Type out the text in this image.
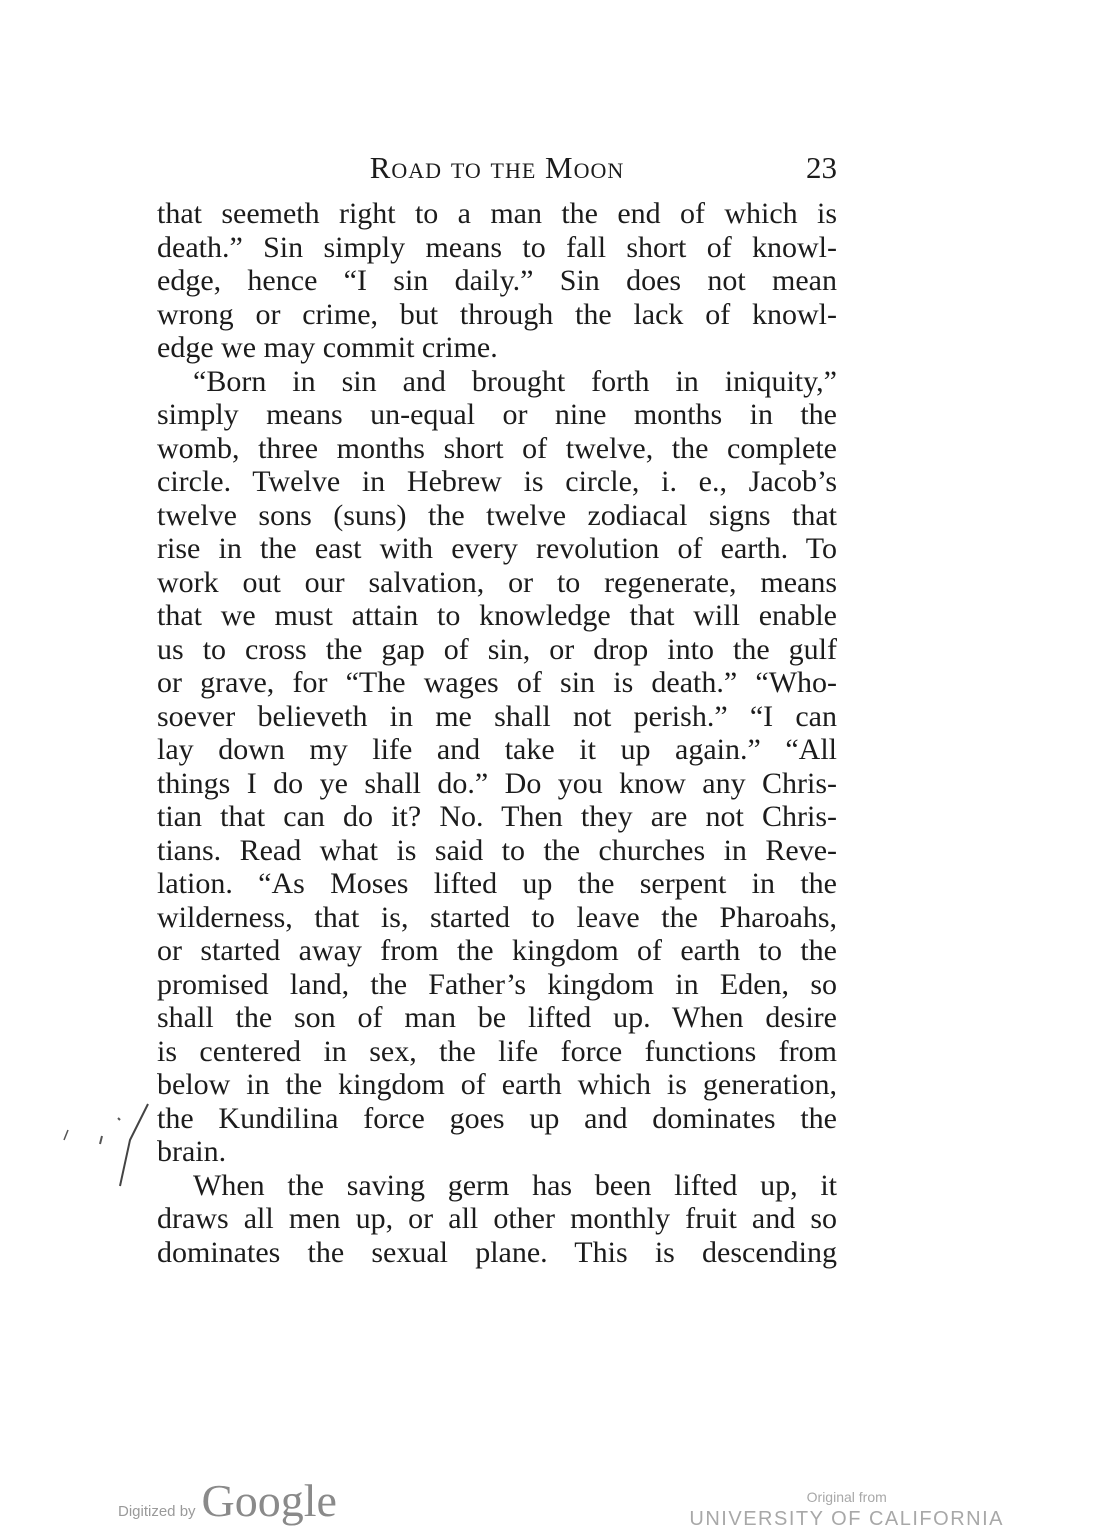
Road to the Moon	23
that seemeth right to a man the end of which is
death.” Sin simply means to fall short of knowl-
edge, hence “I sin daily.” Sin does not mean
wrong or crime, but through the lack of knowl-
edge we may commit crime.
“Born in sin and brought forth in iniquity,”
simply means un-equal or nine months in the
womb, three months short of twelve, the complete
circle. Twelve in Hebrew is circle, i. e., Jacob’s
twelve sons (suns) the twelve zodiacal signs that
rise in the east with every revolution of earth. To
work out our salvation, or to regenerate, means
that we must attain to knowledge that will enable
us to cross the gap of sin, or drop into the gulf
or grave, for “The wages of sin is death.” “Who-
soever believeth in me shall not perish.” “I can
lay down my life and take it up again.” “All
things I do ye shall do.” Do you know any Chris-
tian that can do it? No. Then they are not Chris-
tians. Read what is said to the churches in Reve-
lation. “As Moses lifted up the serpent in the
wilderness, that is, started to leave the Pharoahs,
or started away from the kingdom of earth to the
promised land, the Father’s kingdom in Eden, so
shall the son of man be lifted up. When desire
is centered in sex, the life force functions from
below in the kingdom of earth which is generation,
the Kundilina force goes up and dominates the
brain.
When the saving germ has been lifted up, it
draws all men up, or all other monthly fruit and so
dominates the sexual plane. This is descending
Digitized by Google	Original from
UNIVERSITY OF CALIFORNIA
